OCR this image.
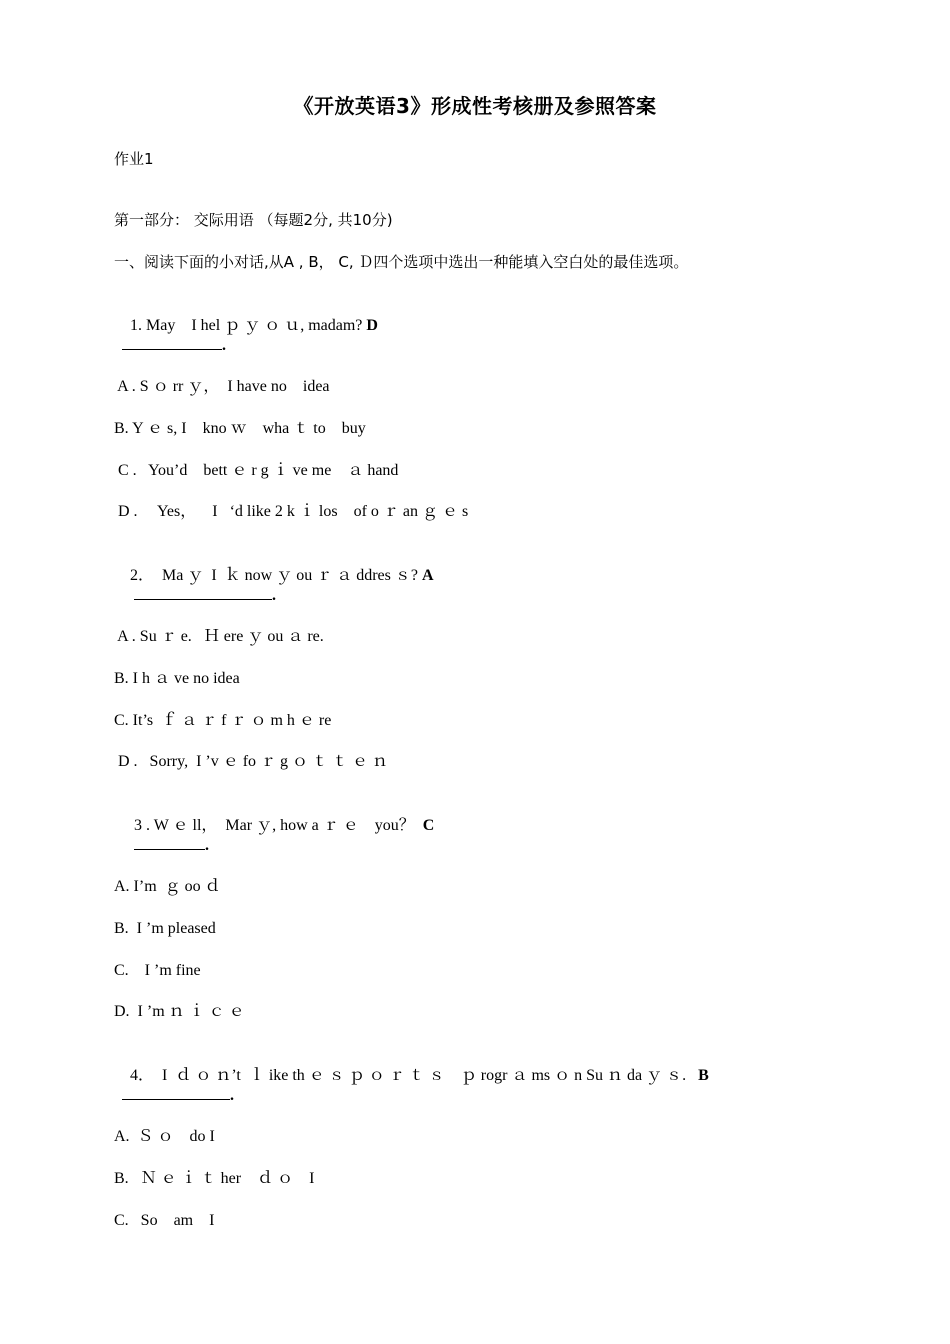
《开放英语3》形成性考核册及参照答案
作业1
第一部分： 交际用语 （每题2分, 共10分)
一、阅读下面的小对话,从A , B， C, Ｄ四个选项中选出一种能填入空白处的最佳选项。

1. May    I hel ｐ ｙ ｏ ｕ, madam? D

.
A . S ｏ rr ｙ，  I have no    idea
B. Y ｅ s, I    kno ｗ    wha ｔ to    buy
C .   You’d    bett ｅ r g ｉ ve me    ａ hand
D .     Yes，    I   ‘d like 2 k ｉ los    of o ｒ an ｇ ｅ s

2．  Ma ｙ  I  ｋ now ｙ ou ｒ ａ ddres ｓ? A

.
A . Su ｒ e.   Ｈ ere ｙ ou ａ re.
B. I h ａ ve no idea
C. It’s  ｆ ａ ｒ f ｒ ｏ m h ｅ re
D .   Sorry,  I ’v ｅ fo ｒ g ｏ ｔ ｔ ｅ ｎ

3 . W ｅ ll，  Mar ｙ, how a ｒ ｅ    you？  C

.
A. I’m  ｇ oo ｄ
B.  I ’m pleased
C.    I ’m fine
D.  I ’m ｎ ｉ ｃ ｅ

4．  I  ｄ ｏ ｎ’t  ｌ ike th ｅ ｓ ｐ ｏ ｒ ｔ ｓ    ｐ rogr ａ ms ｏ n Su ｎ da ｙ ｓ.   B

.
A.  Ｓ ｏ    do I
B.   Ｎ ｅ ｉ ｔ her    ｄ ｏ    I
C.   So    am    I
